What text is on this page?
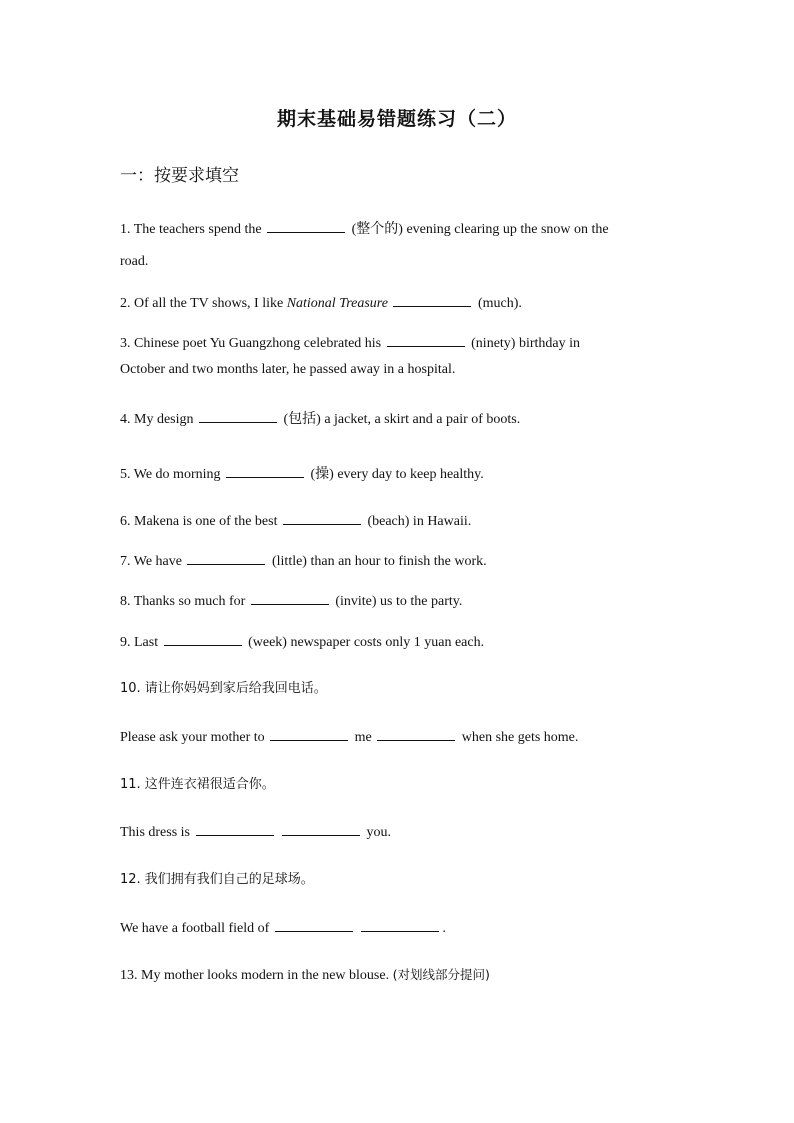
期末基础易错题练习（二）
一：按要求填空
1. The teachers spend the	(整个的) evening clearing up the snow on the
road.
2. Of all the TV shows, I like National Treasure	(much).
3. Chinese poet Yu Guangzhong celebrated his	(ninety) birthday in
October and two months later, he passed away in a hospital.
4. My design	(包括) a jacket, a skirt and a pair of boots.
5. We do morning	(操) every day to keep healthy.
6. Makena is one of the best	(beach) in Hawaii.
7. We have	(little) than an hour to finish the work.
8. Thanks so much for	(invite) us to the party.
9. Last	(week) newspaper costs only 1 yuan each.
10. 请让你妈妈到家后给我回电话。
Please ask your mother to	me	when she gets home.
11. 这件连衣裙很适合你。
This dress is	you.
12. 我们拥有我们自己的足球场。
We have a football field of	.
13. My mother looks modern in the new blouse. (对划线部分提问)
